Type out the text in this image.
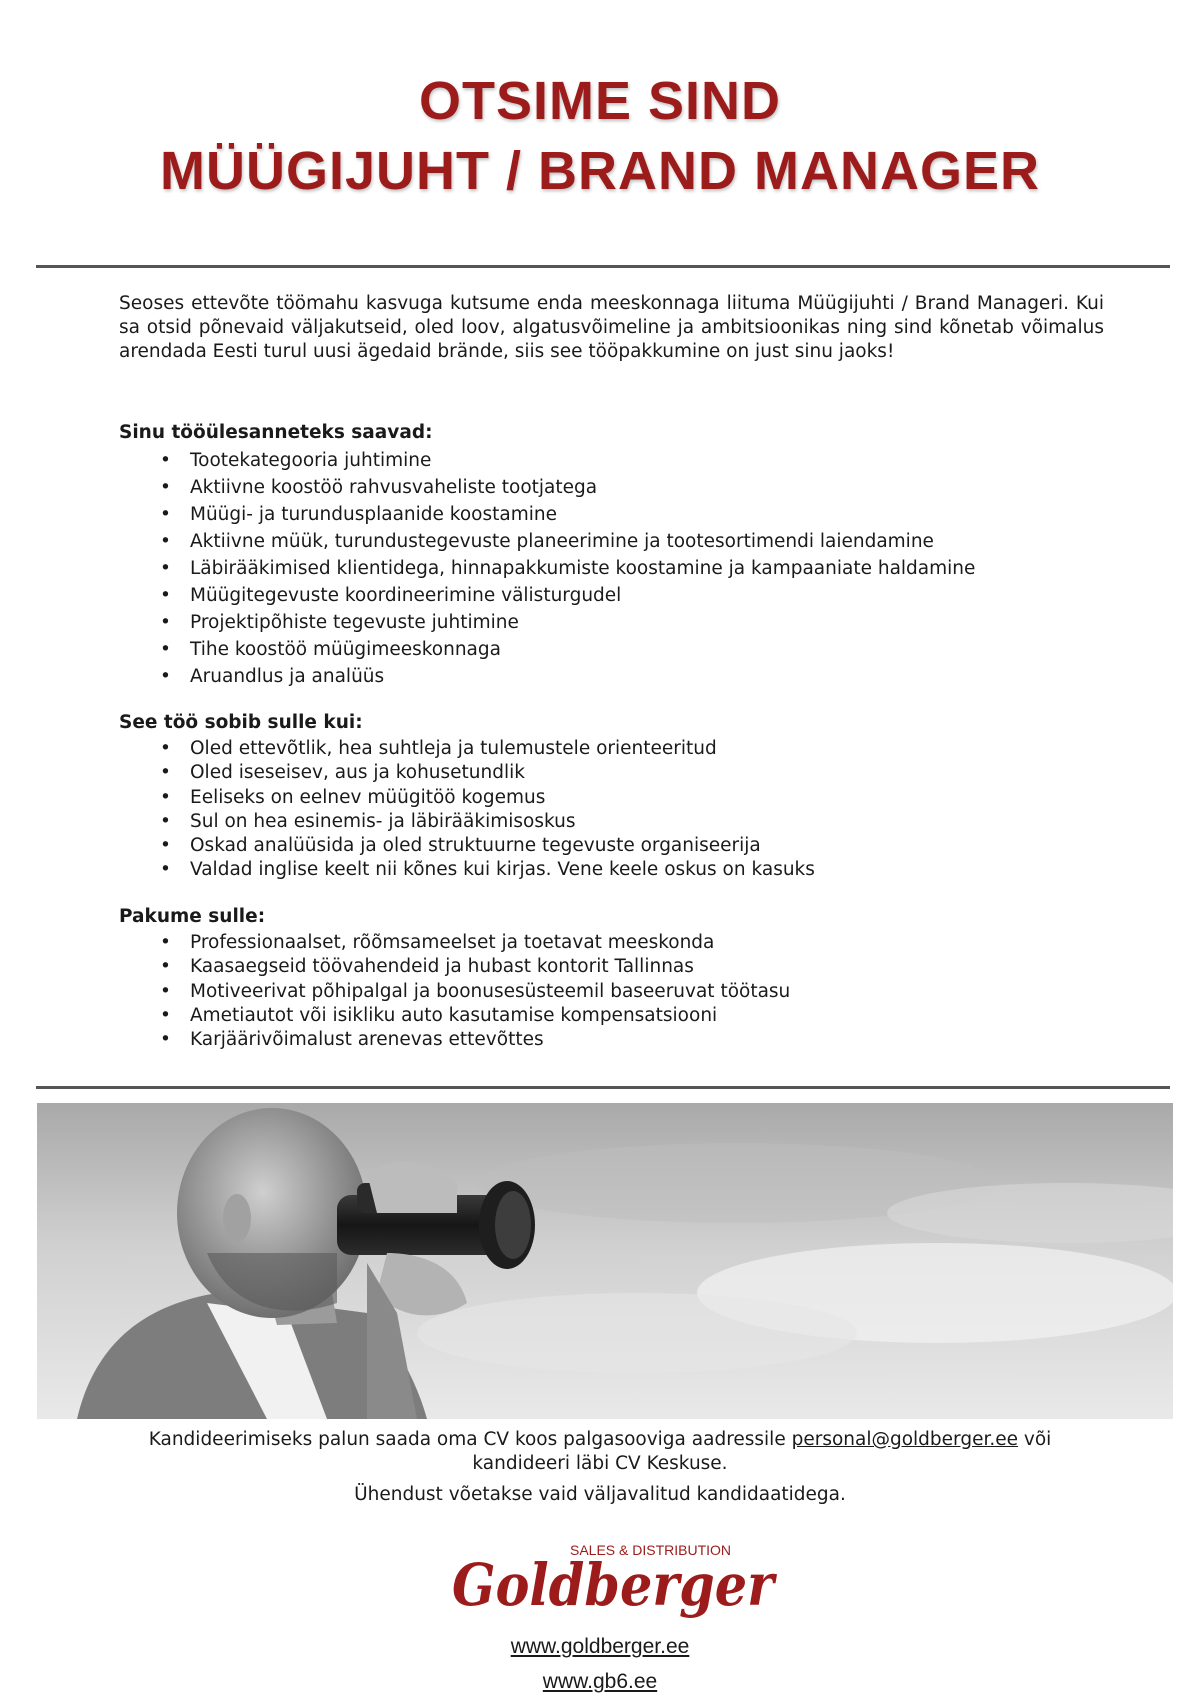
OTSIME SIND
MÜÜGIJUHT / BRAND MANAGER

Seoses ettevõte töömahu kasvuga kutsume enda meeskonnaga liituma Müügijuhti / Brand Manageri. Kui sa otsid põnevaid väljakutseid, oled loov, algatusvõimeline ja ambitsioonikas ning sind kõnetab võimalus arendada Eesti turul uusi ägedaid brände, siis see tööpakkumine on just sinu jaoks!

Sinu tööülesanneteks saavad:
• Tootekategooria juhtimine
• Aktiivne koostöö rahvusvaheliste tootjatega
• Müügi- ja turundusplaanide koostamine
• Aktiivne müük, turundustegevuste planeerimine ja tootesortimendi laiendamine
• Läbirääkimised klientidega, hinnapakkumiste koostamine ja kampaaniate haldamine
• Müügitegevuste koordineerimine välisturgudel
• Projektipõhiste tegevuste juhtimine
• Tihe koostöö müügimeeskonnaga
• Aruandlus ja analüüs
See töö sobib sulle kui:
• Oled ettevõtlik, hea suhtleja ja tulemustele orienteeritud
• Oled iseseisev, aus ja kohusetundlik
• Eeliseks on eelnev müügitöö kogemus
• Sul on hea esinemis- ja läbirääkimisoskus
• Oskad analüüsida ja oled struktuurne tegevuste organiseerija
• Valdad inglise keelt nii kõnes kui kirjas. Vene keele oskus on kasuks
Pakume sulle:
• Professionaalset, rõõmsameelset ja toetavat meeskonda
• Kaasaegseid töövahendeid ja hubast kontorit Tallinnas
• Motiveerivat põhipalgal ja boonusesüsteemil baseeruvat töötasu
• Ametiautot või isikliku auto kasutamise kompensatsiooni
• Karjäärivõimalust arenevas ettevõttes

Kandideerimiseks palun saada oma CV koos palgasooviga aadressile personal@goldberger.ee või

kandideeri läbi CV Keskuse.

Ühendust võetakse vaid väljavalitud kandidaatidega.

SALES & DISTRIBUTION
Goldberger
www.goldberger.ee
www.gb6.ee
